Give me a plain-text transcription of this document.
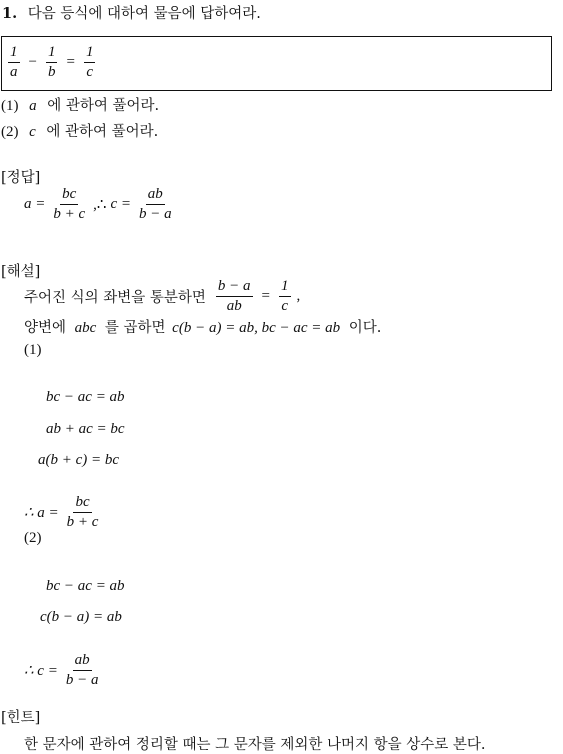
1. 다음 등식에 대하여 물음에 답하여라.
$\frac{1}{a} - \frac{1}{b} = \frac{1}{c}$
(1) a 에 관하여 풀어라.
(2) c 에 관하여 풀어라.
[정답]
$a = \frac{bc}{b + c}$ ,∴ $c = \frac{ab}{b - a}$
[해설]
주어진 식의 좌변을 통분하면 $\frac{b - a}{ab} = \frac{1}{c}$ ,
양변에 abc 를 곱하면 c(b − a) = ab, bc − ac = ab 이다.
(1)
bc − ac = ab
ab + ac = bc
a(b + c) = bc
∴ $a = \frac{bc}{b + c}$
(2)
bc − ac = ab
c(b − a) = ab
∴ $c = \frac{ab}{b - a}$
[힌트]
한 문자에 관하여 정리할 때는 그 문자를 제외한 나머지 항을 상수로 본다.
